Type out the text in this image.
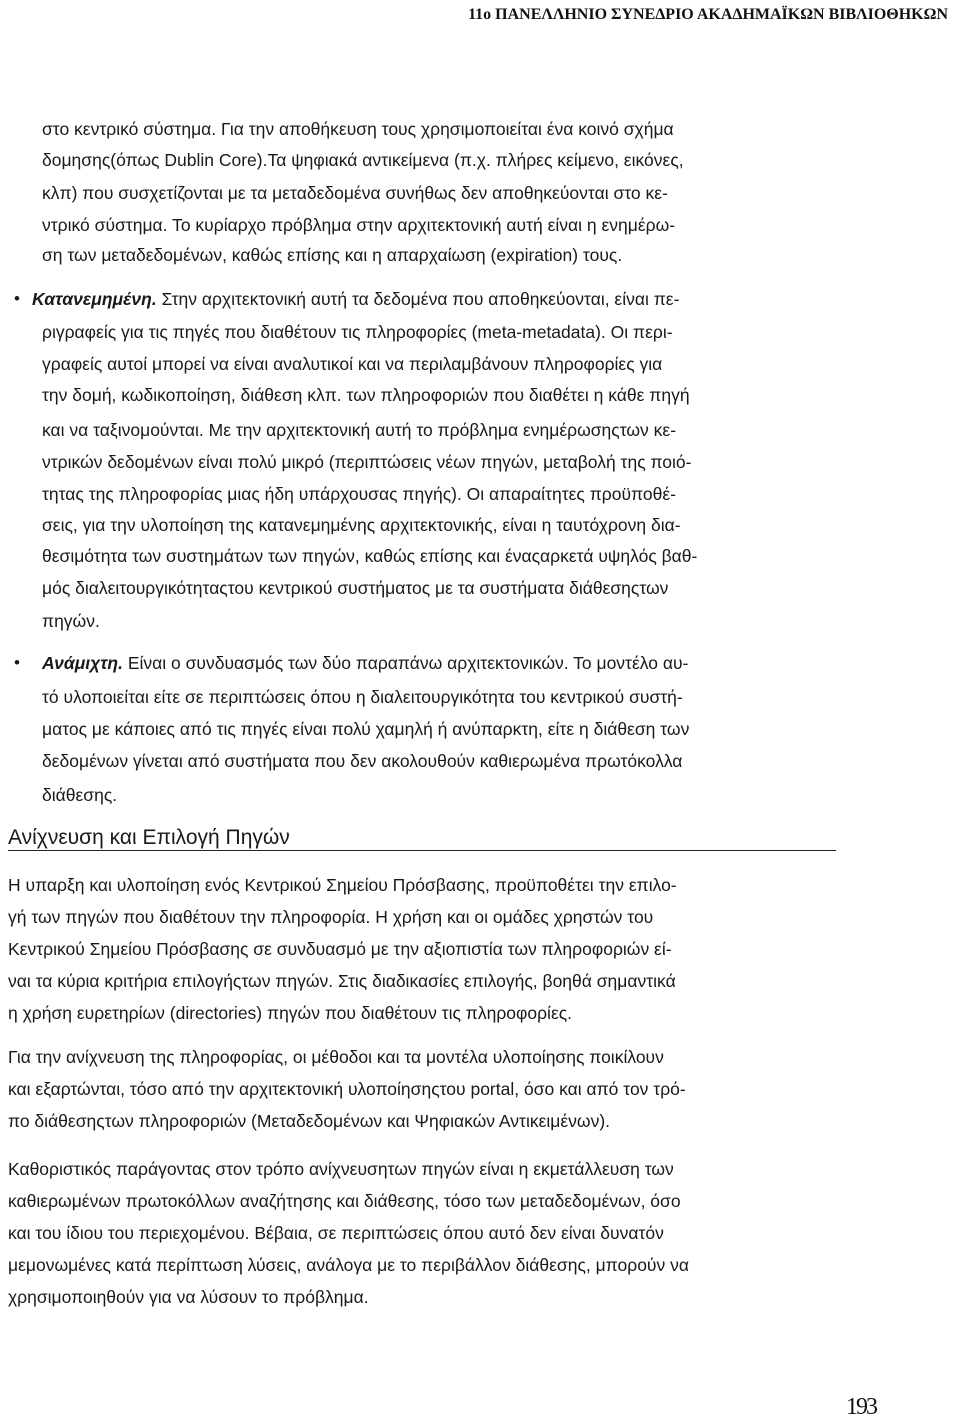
11ο ΠΑΝΕΛΛΗΝΙΟ ΣΥΝΕΔΡΙΟ ΑΚΑΔΗΜΑΪΚΩΝ ΒΙΒΛΙΟΘΗΚΩΝ
στο κεντρικό σύστημα. Για την αποθήκευση τους χρησιμοποιείται ένα κοινό σχήμα
δομησης(όπως Dublin Core).Τα ψηφιακά αντικείμενα (π.χ. πλήρες κείμενο, εικόνες,
κλπ) που συσχετίζονται με τα μεταδεδομένα συνήθως δεν αποθηκεύονται στο κε-
ντρικό σύστημα. Το κυρίαρχο πρόβλημα στην αρχιτεκτονική αυτή είναι η ενημέρω-
ση των μεταδεδομένων, καθώς επίσης και η απαρχαίωση (expiration) τους.
• Κατανεμημένη. Στην αρχιτεκτονική αυτή τα δεδομένα που αποθηκεύονται, είναι πε-
ριγραφείς για τις πηγές που διαθέτουν τις πληροφορίες (meta-metadata). Οι περι-
γραφείς αυτοί μπορεί να είναι αναλυτικοί και να περιλαμβάνουν πληροφορίες για
την δομή, κωδικοποίηση, διάθεση κλπ. των πληροφοριών που διαθέτει η κάθε πηγή
και να ταξινομούνται. Με την αρχιτεκτονική αυτή το πρόβλημα ενημέρωσηςτων κε-
ντρικών δεδομένων είναι πολύ μικρό (περιπτώσεις νέων πηγών, μεταβολή της ποιό-
τητας της πληροφορίας μιας ήδη υπάρχουσας πηγής). Οι απαραίτητες προϋποθέ-
σεις, για την υλοποίηση της κατανεμημένης αρχιτεκτονικής, είναι η ταυτόχρονη δια-
θεσιμότητα των συστημάτων των πηγών, καθώς επίσης και έναςαρκετά υψηλός βαθ-
μός διαλειτουργικότηταςτου κεντρικού συστήματος με τα συστήματα διάθεσηςτων
πηγών.
• Ανάμιχτη. Είναι ο συνδυασμός των δύο παραπάνω αρχιτεκτονικών. Το μοντέλο αυ-
τό υλοποιείται είτε σε περιπτώσεις όπου η διαλειτουργικότητα του κεντρικού συστή-
ματος με κάποιες από τις πηγές είναι πολύ χαμηλή ή ανύπαρκτη, είτε η διάθεση των
δεδομένων γίνεται από συστήματα που δεν ακολουθούν καθιερωμένα πρωτόκολλα
διάθεσης.
Ανίχνευση και Επιλογή Πηγών
Η υπαρξη και υλοποίηση ενός Κεντρικού Σημείου Πρόσβασης, προϋποθέτει την επιλο-
γή των πηγών που διαθέτουν την πληροφορία. Η χρήση και οι ομάδες χρηστών του
Κεντρικού Σημείου Πρόσβασης σε συνδυασμό με την αξιοπιστία των πληροφοριών εί-
ναι τα κύρια κριτήρια επιλογήςτων πηγών. Στις διαδικασίες επιλογής, βοηθά σημαντικά
η χρήση ευρετηρίων (directories) πηγών που διαθέτουν τις πληροφορίες.
Για την ανίχνευση της πληροφορίας, οι μέθοδοι και τα μοντέλα υλοποίησης ποικίλουν
και εξαρτώνται, τόσο από την αρχιτεκτονική υλοποίησηςτου portal, όσο και από τον τρό-
πο διάθεσηςτων πληροφοριών (Μεταδεδομένων και Ψηφιακών Αντικειμένων).
Καθοριστικός παράγοντας στον τρόπο ανίχνευσητων πηγών είναι η εκμετάλλευση των
καθιερωμένων πρωτοκόλλων αναζήτησης και διάθεσης, τόσο των μεταδεδομένων, όσο
και του ίδιου του περιεχομένου. Βέβαια, σε περιπτώσεις όπου αυτό δεν είναι δυνατόν
μεμονωμένες κατά περίπτωση λύσεις, ανάλογα με το περιβάλλον διάθεσης, μπορούν να
χρησιμοποιηθούν για να λύσουν το πρόβλημα.
193
